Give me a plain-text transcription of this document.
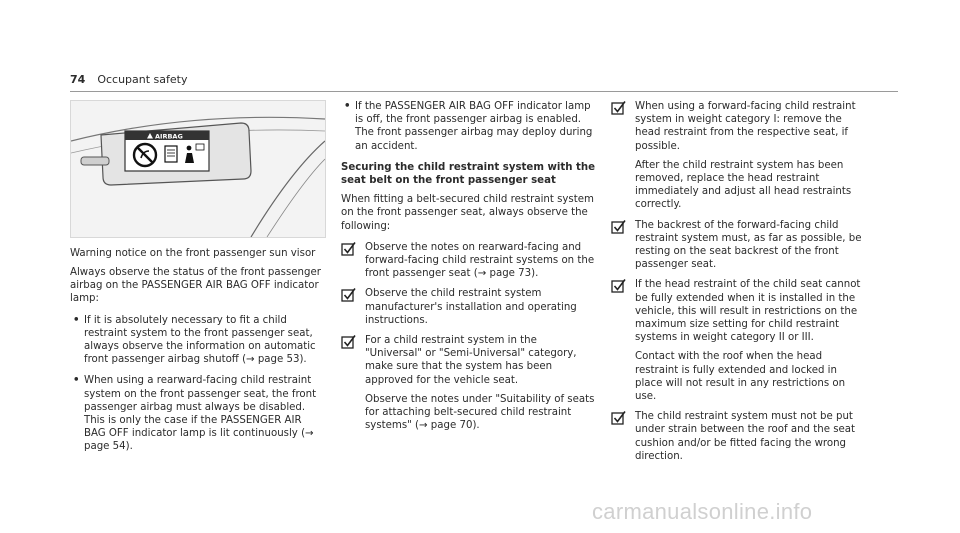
74 Occupant safety
AIRBAG
Warning notice on the front passenger sun visor

Always observe the status of the front passenger airbag on the PASSENGER AIR BAG OFF indicator lamp:

• If it is absolutely necessary to fit a child restraint system to the front passenger seat, always observe the information on automatic front passenger airbag shutoff (→ page 53).
• When using a rearward-facing child restraint system on the front passenger seat, the front passenger airbag must always be disabled. This is only the case if the PASSENGER AIR BAG OFF indicator lamp is lit continuously (→ page 54).
• If the PASSENGER AIR BAG OFF indicator lamp is off, the front passenger airbag is enabled. The front passenger airbag may deploy during an accident.
Securing the child restraint system with the seat belt on the front passenger seat

When fitting a belt-secured child restraint system on the front passenger seat, always observe the following:

Observe the notes on rearward-facing and forward-facing child restraint systems on the front passenger seat (→ page 73).
Observe the child restraint system manufacturer's installation and operating instructions.
For a child restraint system in the "Universal" or "Semi-Universal" category, make sure that the system has been approved for the vehicle seat.
Observe the notes under "Suitability of seats for attaching belt-secured child restraint systems" (→ page 70).
When using a forward-facing child restraint system in weight category I: remove the head restraint from the respective seat, if possible.
After the child restraint system has been removed, replace the head restraint immediately and adjust all head restraints correctly.
The backrest of the forward-facing child restraint system must, as far as possible, be resting on the seat backrest of the front passenger seat.
If the head restraint of the child seat cannot be fully extended when it is installed in the vehicle, this will result in restrictions on the maximum size setting for child restraint systems in weight category II or III.
Contact with the roof when the head restraint is fully extended and locked in place will not result in any restrictions on use.
The child restraint system must not be put under strain between the roof and the seat cushion and/or be fitted facing the wrong direction.
carmanualsonline.info
